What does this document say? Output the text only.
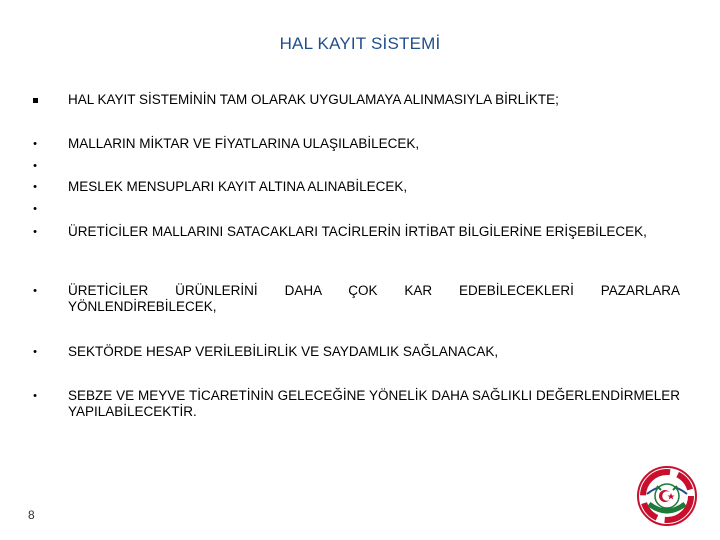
HAL KAYIT SİSTEMİ
HAL KAYIT SİSTEMİNİN TAM OLARAK UYGULAMAYA ALINMASIYLA BİRLİKTE;
• MALLARIN MİKTAR VE FİYATLARINA ULAŞILABİLECEK,
•
• MESLEK MENSUPLARI KAYIT ALTINA ALINABİLECEK,
•
• ÜRETİCİLER MALLARINI SATACAKLARI TACİRLERİN İRTİBAT BİLGİLERİNE ERİŞEBİLECEK,
• ÜRETİCİLER ÜRÜNLERİNİ DAHA ÇOK KAR EDEBİLECEKLERİ PAZARLARA YÖNLENDİREBİLECEK,
• SEKTÖRDE HESAP VERİLEBİLİRLİK VE SAYDAMLIK SAĞLANACAK,
• SEBZE VE MEYVE TİCARETİNİN GELECEĞİNE YÖNELİK DAHA SAĞLIKLI DEĞERLENDİRMELER YAPILABİLECEKTİR.
8
